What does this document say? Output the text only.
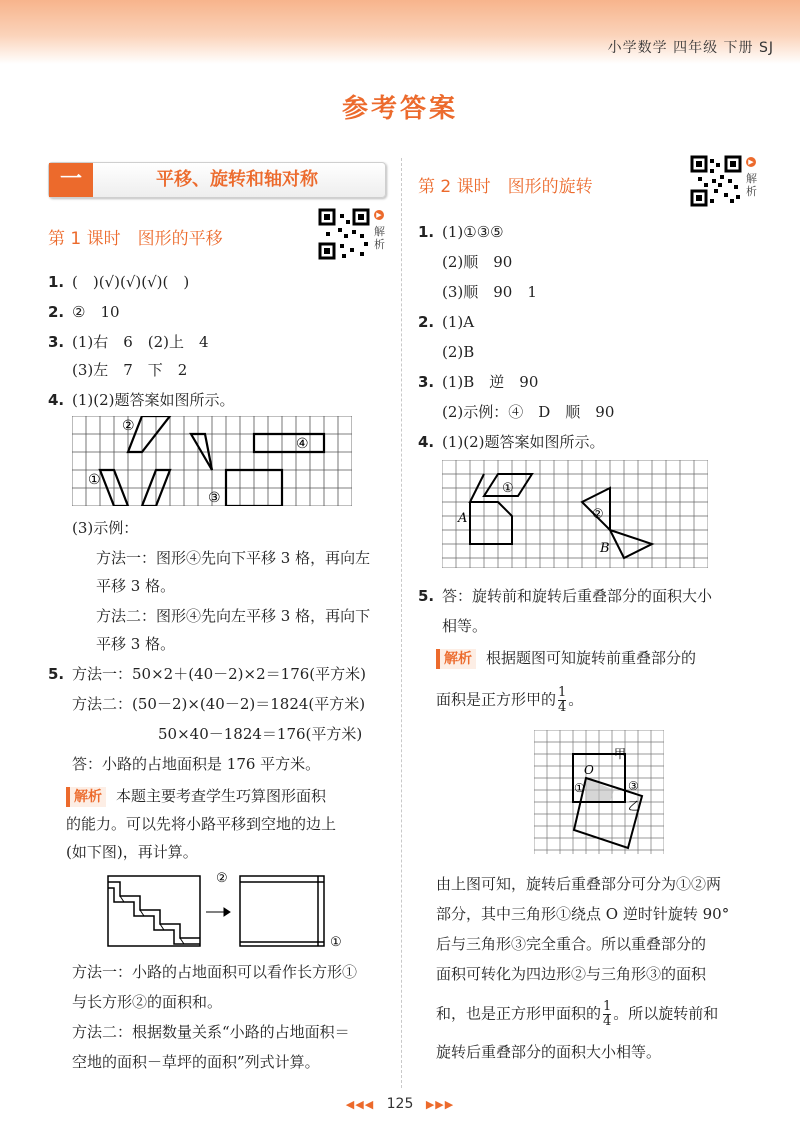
小学数学 四年级 下册 SJ
参考答案
一	平移、旋转和轴对称
▶
解析
▶
解析
第 1 课时　图形的平移
1. (　)(√)(√)(√)(　)
2. ②　10
3. (1)右　6　(2)上　4
(3)左　7　下　2
4. (1)(2)题答案如图所示。
②
④
①
③
(3)示例：
方法一：图形④先向下平移 3 格，再向左
平移 3 格。
方法二：图形④先向左平移 3 格，再向下
平移 3 格。
5. 方法一：50×2＋(40－2)×2＝176(平方米)
方法二：(50－2)×(40－2)＝1824(平方米)
50×40－1824＝176(平方米)
答：小路的占地面积是 176 平方米。
解析 本题主要考查学生巧算图形面积
的能力。可以先将小路平移到空地的边上
(如下图)，再计算。
②
①
方法一：小路的占地面积可以看作长方形①
与长方形②的面积和。
方法二：根据数量关系“小路的占地面积＝
空地的面积－草坪的面积”列式计算。
第 2 课时　图形的旋转
1. (1)①③⑤
(2)顺　90
(3)顺　90　1
2. (1)A
(2)B
3. (1)B　逆　90
(2)示例：④　D　顺　90
4. (1)(2)题答案如图所示。
①
A	②
B
5. 答：旋转前和旋转后重叠部分的面积大小
相等。
解析 根据题图可知旋转前重叠部分的
面积是正方形甲的 $\frac{1}{4}$ 。
甲
O
①	③
乙
由上图可知，旋转后重叠部分可分为①②两
部分，其中三角形①绕点 O 逆时针旋转 90°
后与三角形③完全重合。所以重叠部分的
面积可转化为四边形②与三角形③的面积
和，也是正方形甲面积的 $\frac{1}{4}$ 。所以旋转前和
旋转后重叠部分的面积大小相等。
◀◀◀ 125 ▶▶▶
